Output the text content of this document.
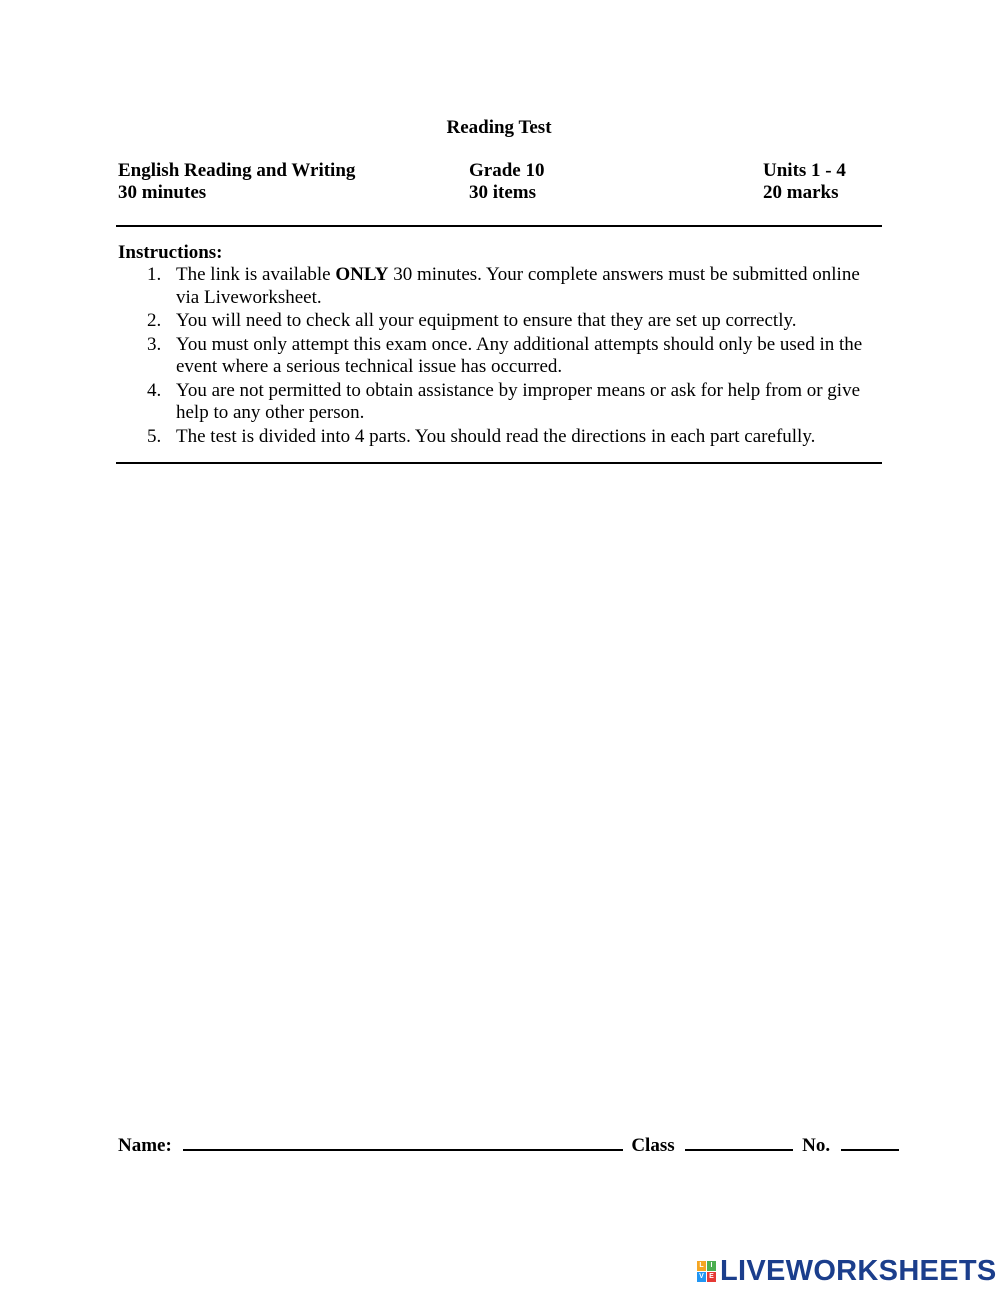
Reading Test
English Reading and Writing
30 minutes
Grade 10
30 items
Units 1 - 4
20 marks
Instructions:
1. The link is available ONLY 30 minutes. Your complete answers must be submitted online via Liveworksheet.
2. You will need to check all your equipment to ensure that they are set up correctly.
3. You must only attempt this exam once. Any additional attempts should only be used in the event where a serious technical issue has occurred.
4. You are not permitted to obtain assistance by improper means or ask for help from or give help to any other person.
5. The test is divided into 4 parts. You should read the directions in each part carefully.
Name:	Class	No.
L I
V E LIVEWORKSHEETS
